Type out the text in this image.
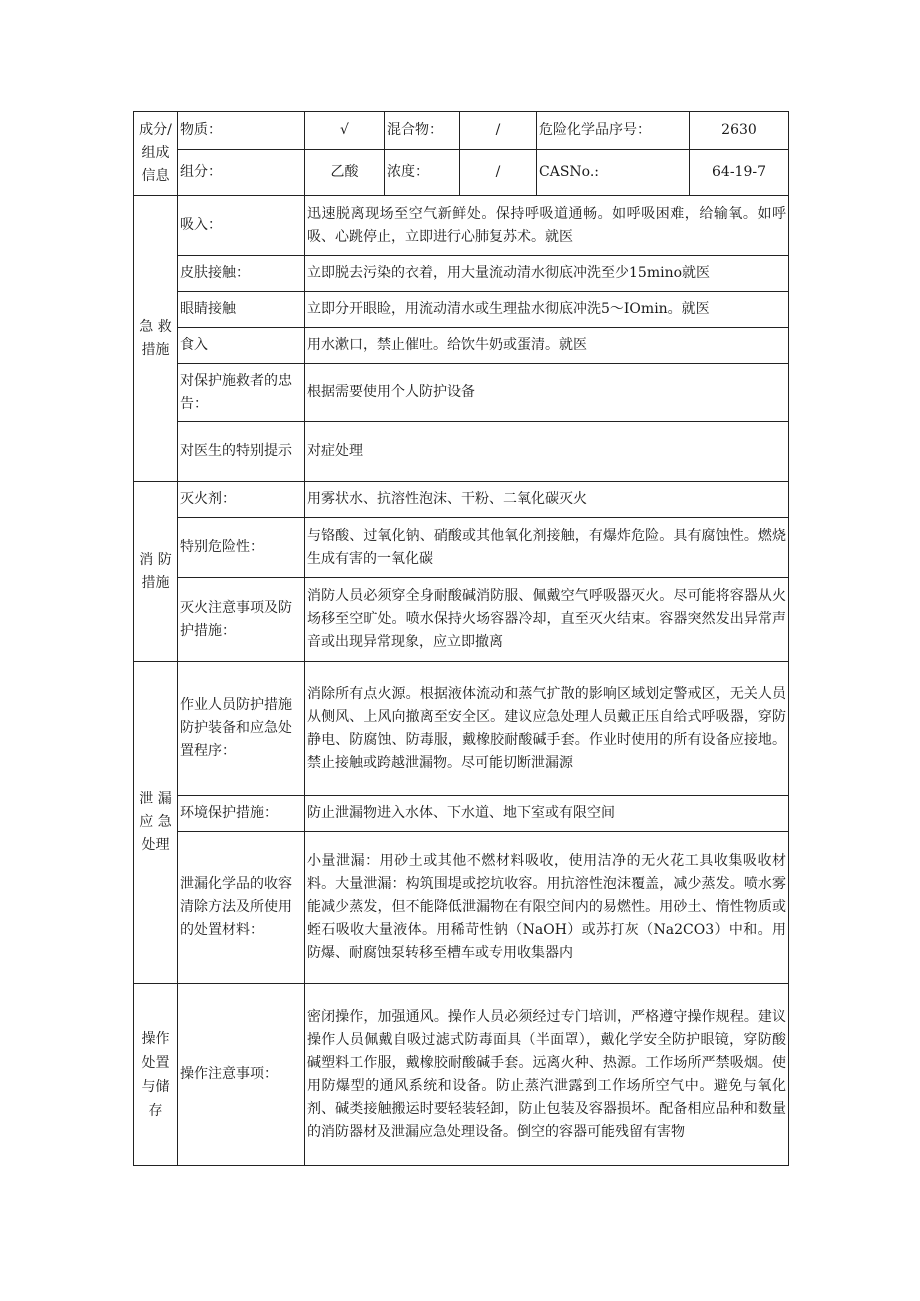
成分/组成信息	物质：	√	混合物：	/	危险化学品序号：	2630
	组分：	乙酸	浓度：	/	CASNo.:	64-19-7

急 救
措施	吸入：	迅速脱离现场至空气新鲜处。保持呼吸道通畅。如呼吸困难，给输氧。如呼吸、心跳停止，立即进行心肺复苏术。就医				
	皮肤接触：	立即脱去污染的衣着，用大量流动清水彻底冲洗至少15mino就医				
	眼睛接触	立即分开眼睑，用流动清水或生理盐水彻底冲洗5～IOmin。就医				
	食入	用水漱口，禁止催吐。给饮牛奶或蛋清。就医				
	对保护施救者的忠告：	根据需要使用个人防护设备				
	对医生的特别提示	对症处理				

消 防
措施	灭火剂：	用雾状水、抗溶性泡沫、干粉、二氧化碳灭火				
	特别危险性：	与铬酸、过氧化钠、硝酸或其他氧化剂接触，有爆炸危险。具有腐蚀性。燃烧生成有害的一氧化碳				
	灭火注意事项及防护措施：	消防人员必须穿全身耐酸碱消防服、佩戴空气呼吸器灭火。尽可能将容器从火场移至空旷处。喷水保持火场容器冷却，直至灭火结束。容器突然发出异常声音或出现异常现象，应立即撤离				

泄 漏
应 急
处理	作业人员防护措施防护装备和应急处置程序：	消除所有点火源。根据液体流动和蒸气扩散的影响区域划定警戒区，无关人员从侧风、上风向撤离至安全区。建议应急处理人员戴正压自给式呼吸器，穿防静电、防腐蚀、防毒服，戴橡胶耐酸碱手套。作业时使用的所有设备应接地。禁止接触或跨越泄漏物。尽可能切断泄漏源				
	环境保护措施：	防止泄漏物进入水体、下水道、地下室或有限空间				
	泄漏化学品的收容清除方法及所使用的处置材料：	小量泄漏：用砂土或其他不燃材料吸收，使用洁净的无火花工具收集吸收材料。大量泄漏：构筑围堤或挖坑收容。用抗溶性泡沫覆盖，减少蒸发。喷水雾能减少蒸发，但不能降低泄漏物在有限空间内的易燃性。用砂土、惰性物质或蛭石吸收大量液体。用稀苛性钠（NaOH）或苏打灰（Na2CO3）中和。用防爆、耐腐蚀泵转移至槽车或专用收集器内				

操作
处置
与储
存	操作注意事项：	密闭操作，加强通风。操作人员必须经过专门培训，严格遵守操作规程。建议操作人员佩戴自吸过滤式防毒面具（半面罩），戴化学安全防护眼镜，穿防酸碱塑料工作服，戴橡胶耐酸碱手套。远离火种、热源。工作场所严禁吸烟。使用防爆型的通风系统和设备。防止蒸汽泄露到工作场所空气中。避免与氧化剂、碱类接触搬运时要轻装轻卸，防止包装及容器损坏。配备相应品种和数量的消防器材及泄漏应急处理设备。倒空的容器可能残留有害物				
